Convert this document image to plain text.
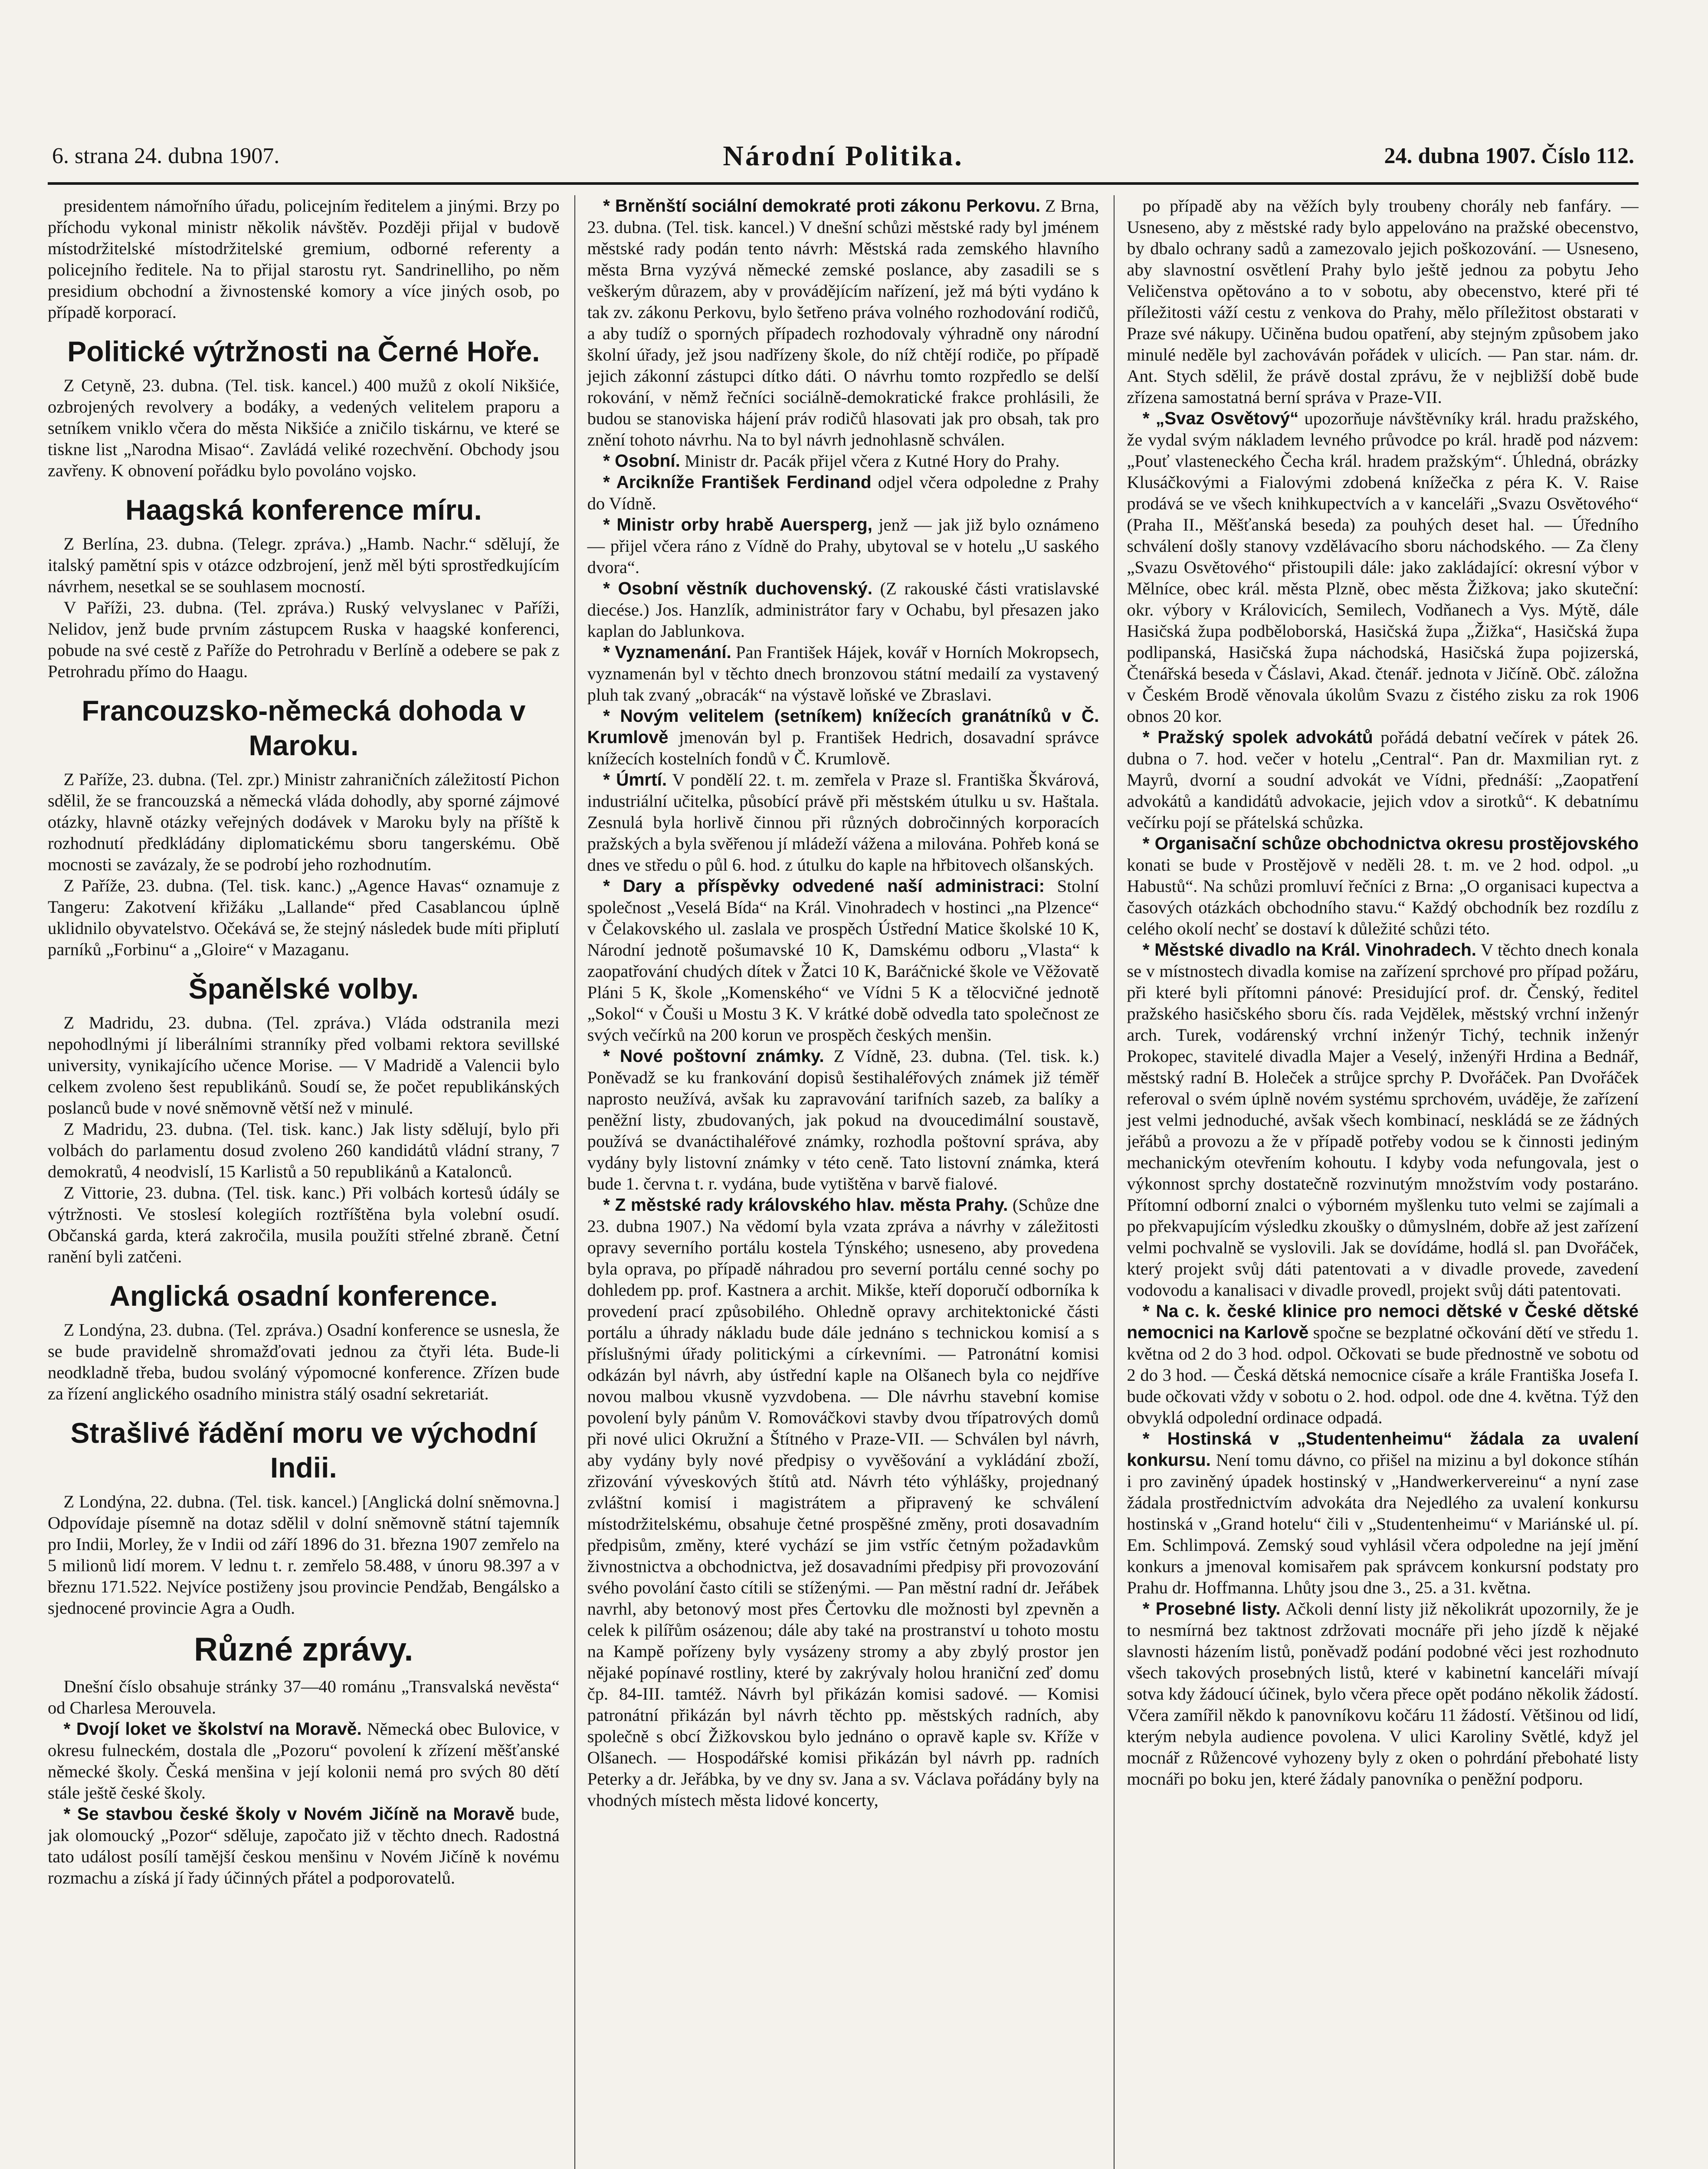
6. strana 24. dubna 1907.	Národní Politika.	24. dubna 1907. Číslo 112.

presidentem námořního úřadu, policejním ředitelem a jinými. Brzy po příchodu vykonal ministr několik návštěv. Později přijal v budově místodržitelské místodržitelské gremium, odborné referenty a policejního ředitele. Na to přijal starostu ryt. Sandrinelliho, po něm presidium obchodní a živnostenské komory a více jiných osob, po případě korporací.

Politické výtržnosti na Černé Hoře.

Z Cetyně, 23. dubna. (Tel. tisk. kancel.) 400 mužů z okolí Nikšiće, ozbrojených revolvery a bodáky, a vedených velitelem praporu a setníkem vniklo včera do města Nikšiće a zničilo tiskárnu, ve které se tiskne list „Narodna Misao“. Zavládá veliké rozechvění. Obchody jsou zavřeny. K obnovení pořádku bylo povoláno vojsko.

Haagská konference míru.

Z Berlína, 23. dubna. (Telegr. zpráva.) „Hamb. Nachr.“ sdělují, že italský pamětní spis v otázce odzbrojení, jenž měl býti sprostředkujícím návrhem, nesetkal se se souhlasem mocností.

V Paříži, 23. dubna. (Tel. zpráva.) Ruský velvyslanec v Paříži, Nelidov, jenž bude prvním zástupcem Ruska v haagské konferenci, pobude na své cestě z Paříže do Petrohradu v Berlíně a odebere se pak z Petrohradu přímo do Haagu.

Francouzsko-německá dohoda v Maroku.

Z Paříže, 23. dubna. (Tel. zpr.) Ministr zahraničních záležitostí Pichon sdělil, že se francouzská a německá vláda dohodly, aby sporné zájmové otázky, hlavně otázky veřejných dodávek v Maroku byly na příště k rozhodnutí předkládány diplomatickému sboru tangerskému. Obě mocnosti se zavázaly, že se podrobí jeho rozhodnutím.

Z Paříže, 23. dubna. (Tel. tisk. kanc.) „Agence Havas“ oznamuje z Tangeru: Zakotvení křižáku „Lallande“ před Casablancou úplně uklidnilo obyvatelstvo. Očekává se, že stejný následek bude míti připlutí parníků „Forbinu“ a „Gloire“ v Mazaganu.

Španělské volby.

Z Madridu, 23. dubna. (Tel. zpráva.) Vláda odstranila mezi nepohodlnými jí liberálními stranníky před volbami rektora sevillské university, vynikajícího učence Morise. — V Madridě a Valencii bylo celkem zvoleno šest republikánů. Soudí se, že počet republikánských poslanců bude v nové sněmovně větší než v minulé.

Z Madridu, 23. dubna. (Tel. tisk. kanc.) Jak listy sdělují, bylo při volbách do parlamentu dosud zvoleno 260 kandidátů vládní strany, 7 demokratů, 4 neodvislí, 15 Karlistů a 50 republikánů a Katalonců.

Z Vittorie, 23. dubna. (Tel. tisk. kanc.) Při volbách kortesů údály se výtržnosti. Ve stoslesí kolegiích roztříštěna byla volební osudí. Občanská garda, která zakročila, musila použíti střelné zbraně. Četní ranění byli zatčeni.

Anglická osadní konference.

Z Londýna, 23. dubna. (Tel. zpráva.) Osadní konference se usnesla, že se bude pravidelně shromažďovati jednou za čtyři léta. Bude-li neodkladně třeba, budou svoláný výpomocné konference. Zřízen bude za řízení anglického osadního ministra stálý osadní sekretariát.

Strašlivé řádění moru ve východní Indii.

Z Londýna, 22. dubna. (Tel. tisk. kancel.) [Anglická dolní sněmovna.] Odpovídaje písemně na dotaz sdělil v dolní sněmovně státní tajemník pro Indii, Morley, že v Indii od září 1896 do 31. března 1907 zemřelo na 5 milionů lidí morem. V lednu t. r. zemřelo 58.488, v únoru 98.397 a v březnu 171.522. Nejvíce postiženy jsou provincie Pendžab, Bengálsko a sjednocené provincie Agra a Oudh.

Různé zprávy.

Dnešní číslo obsahuje stránky 37—40 románu „Transvalská nevěsta“ od Charlesa Merouvela.

* Dvojí loket ve školství na Moravě. Německá obec Bulovice, v okresu fulneckém, dostala dle „Pozoru“ povolení k zřízení měšťanské německé školy. Česká menšina v její kolonii nemá pro svých 80 dětí stále ještě české školy.

* Se stavbou české školy v Novém Jičíně na Moravě bude, jak olomoucký „Pozor“ sděluje, započato již v těchto dnech. Radostná tato událost posílí tamější českou menšinu v Novém Jičíně k novému rozmachu a získá jí řady účinných přátel a podporovatelů.

* Brněnští sociální demokraté proti zákonu Perkovu. Z Brna, 23. dubna. (Tel. tisk. kancel.) V dnešní schůzi městské rady byl jménem městské rady podán tento návrh: Městská rada zemského hlavního města Brna vyzývá německé zemské poslance, aby zasadili se s veškerým důrazem, aby v provádějícím nařízení, jež má býti vydáno k tak zv. zákonu Perkovu, bylo šetřeno práva volného rozhodování rodičů, a aby tudíž o sporných případech rozhodovaly výhradně ony národní školní úřady, jež jsou nadřízeny škole, do níž chtějí rodiče, po případě jejich zákonní zástupci dítko dáti. O návrhu tomto rozpředlo se delší rokování, v němž řečníci sociálně-demokratické frakce prohlásili, že budou se stanoviska hájení práv rodičů hlasovati jak pro obsah, tak pro znění tohoto návrhu. Na to byl návrh jednohlasně schválen.

* Osobní. Ministr dr. Pacák přijel včera z Kutné Hory do Prahy.

* Arcikníže František Ferdinand odjel včera odpoledne z Prahy do Vídně.

* Ministr orby hrabě Auersperg, jenž — jak již bylo oznámeno — přijel včera ráno z Vídně do Prahy, ubytoval se v hotelu „U saského dvora“.

* Osobní věstník duchovenský. (Z rakouské části vratislavské diecése.) Jos. Hanzlík, administrátor fary v Ochabu, byl přesazen jako kaplan do Jablunkova.

* Vyznamenání. Pan František Hájek, kovář v Horních Mokropsech, vyznamenán byl v těchto dnech bronzovou státní medailí za vystavený pluh tak zvaný „obracák“ na výstavě loňské ve Zbraslavi.

* Novým velitelem (setníkem) knížecích granátníků v Č. Krumlově jmenován byl p. František Hedrich, dosavadní správce knížecích kostelních fondů v Č. Krumlově.

* Úmrtí. V pondělí 22. t. m. zemřela v Praze sl. Františka Škvárová, industriální učitelka, působící právě při městském útulku u sv. Haštala. Zesnulá byla horlivě činnou při různých dobročinných korporacích pražských a byla svěřenou jí mládeží vážena a milována. Pohřeb koná se dnes ve středu o půl 6. hod. z útulku do kaple na hřbitovech olšanských.

* Dary a příspěvky odvedené naší administraci: Stolní společnost „Veselá Bída“ na Král. Vinohradech v hostinci „na Plzence“ v Čelakovského ul. zaslala ve prospěch Ústřední Matice školské 10 K, Národní jednotě pošumavské 10 K, Damskému odboru „Vlasta“ k zaopatřování chudých dítek v Žatci 10 K, Baráčnické škole ve Věžovatě Pláni 5 K, škole „Komenského“ ve Vídni 5 K a tělocvičné jednotě „Sokol“ v Čouši u Mostu 3 K. V krátké době odvedla tato společnost ze svých večírků na 200 korun ve prospěch českých menšin.

* Nové poštovní známky. Z Vídně, 23. dubna. (Tel. tisk. k.) Poněvadž se ku frankování dopisů šestihaléřových známek již téměř naprosto neužívá, avšak ku zapravování tarifních sazeb, za balíky a peněžní listy, zbudovaných, jak pokud na dvoucedimální soustavě, používá se dvanáctihaléřové známky, rozhodla poštovní správa, aby vydány byly listovní známky v této ceně. Tato listovní známka, která bude 1. června t. r. vydána, bude vytištěna v barvě fialové.

* Z městské rady královského hlav. města Prahy. (Schůze dne 23. dubna 1907.) Na vědomí byla vzata zpráva a návrhy v záležitosti opravy severního portálu kostela Týnského; usneseno, aby provedena byla oprava, po případě náhradou pro severní portálu cenné sochy po dohledem pp. prof. Kastnera a archit. Mikše, kteří doporučí odborníka k provedení prací způsobilého. Ohledně opravy architektonické části portálu a úhrady nákladu bude dále jednáno s technickou komisí a s příslušnými úřady politickými a církevními. — Patronátní komisi odkázán byl návrh, aby ústřední kaple na Olšanech byla co nejdříve novou malbou vkusně vyzvdobena. — Dle návrhu stavební komise povolení byly pánům V. Romováčkovi stavby dvou třípatrových domů při nové ulici Okružní a Štítného v Praze-VII. — Schválen byl návrh, aby vydány byly nové předpisy o vyvěšování a vykládání zboží, zřizování výveskových štítů atd. Návrh této výhlášky, projednaný zvláštní komisí i magistrátem a připravený ke schválení místodržitelskému, obsahuje četné prospěšné změny, proti dosavadním předpisům, změny, které vychází se jim vstříc četným požadavkům živnostnictva a obchodnictva, jež dosavadními předpisy při provozování svého povolání často cítili se stíženými. — Pan městní radní dr. Jeřábek navrhl, aby betonový most přes Čertovku dle možnosti byl zpevněn a celek k pilířům osázenou; dále aby také na prostranství u tohoto mostu na Kampě pořízeny byly vysázeny stromy a aby zbylý prostor jen nějaké popínavé rostliny, které by zakrývaly holou hraniční zeď domu čp. 84-III. tamtéž. Návrh byl přikázán komisi sadové. — Komisi patronátní přikázán byl návrh těchto pp. městských radních, aby společně s obcí Žižkovskou bylo jednáno o opravě kaple sv. Kříže v Olšanech. — Hospodářské komisi přikázán byl návrh pp. radních Peterky a dr. Jeřábka, by ve dny sv. Jana a sv. Václava pořádány byly na vhodných místech města lidové koncerty,

po případě aby na věžích byly troubeny chorály neb fanfáry. — Usneseno, aby z městské rady bylo appelováno na pražské obecenstvo, by dbalo ochrany sadů a zamezovalo jejich poškozování. — Usneseno, aby slavnostní osvětlení Prahy bylo ještě jednou za pobytu Jeho Veličenstva opětováno a to v sobotu, aby obecenstvo, které při té příležitosti váží cestu z venkova do Prahy, mělo příležitost obstarati v Praze své nákupy. Učiněna budou opatření, aby stejným způsobem jako minulé neděle byl zachováván pořádek v ulicích. — Pan star. nám. dr. Ant. Stych sdělil, že právě dostal zprávu, že v nejbližší době bude zřízena samostatná berní správa v Praze-VII.

* „Svaz Osvětový“ upozorňuje návštěvníky král. hradu pražského, že vydal svým nákladem levného průvodce po král. hradě pod názvem: „Pouť vlasteneckého Čecha král. hradem pražským“. Úhledná, obrázky Klusáčkovými a Fialovými zdobená knížečka z péra K. V. Raise prodává se ve všech knihkupectvích a v kanceláři „Svazu Osvětového“ (Praha II., Měšťanská beseda) za pouhých deset hal. — Úředního schválení došly stanovy vzdělávacího sboru náchodského. — Za členy „Svazu Osvětového“ přistoupili dále: jako zakládající: okresní výbor v Mělníce, obec král. města Plzně, obec města Žižkova; jako skuteční: okr. výbory v Královicích, Semilech, Vodňanech a Vys. Mýtě, dále Hasičská župa podběloborská, Hasičská župa „Žižka“, Hasičská župa podlipanská, Hasičská župa náchodská, Hasičská župa pojizerská, Čtenářská beseda v Čáslavi, Akad. čtenář. jednota v Jičíně. Obč. záložna v Českém Brodě věnovala úkolům Svazu z čistého zisku za rok 1906 obnos 20 kor.

* Pražský spolek advokátů pořádá debatní večírek v pátek 26. dubna o 7. hod. večer v hotelu „Central“. Pan dr. Maxmilian ryt. z Mayrů, dvorní a soudní advokát ve Vídni, přednáší: „Zaopatření advokátů a kandidátů advokacie, jejich vdov a sirotků“. K debatnímu večírku pojí se přátelská schůzka.

* Organisační schůze obchodnictva okresu prostějovského konati se bude v Prostějově v neděli 28. t. m. ve 2 hod. odpol. „u Habustů“. Na schůzi promluví řečníci z Brna: „O organisaci kupectva a časových otázkách obchodního stavu.“ Každý obchodník bez rozdílu z celého okolí nechť se dostaví k důležité schůzi této.

* Městské divadlo na Král. Vinohradech. V těchto dnech konala se v místnostech divadla komise na zařízení sprchové pro případ požáru, při které byli přítomni pánové: Presidující prof. dr. Čenský, ředitel pražského hasičského sboru čís. rada Vejdělek, městský vrchní inženýr arch. Turek, vodárenský vrchní inženýr Tichý, technik inženýr Prokopec, stavitelé divadla Majer a Veselý, inženýři Hrdina a Bednář, městský radní B. Holeček a strůjce sprchy P. Dvořáček. Pan Dvořáček referoval o svém úplně novém systému sprchovém, uváděje, že zařízení jest velmi jednoduché, avšak všech kombinací, neskládá se ze žádných jeřábů a provozu a že v případě potřeby vodou se k činnosti jediným mechanickým otevřením kohoutu. I kdyby voda nefungovala, jest o výkonnost sprchy dostatečně rozvinutým množstvím vody postaráno. Přítomní odborní znalci o výborném myšlenku tuto velmi se zajímali a po překvapujícím výsledku zkoušky o důmyslném, dobře až jest zařízení velmi pochvalně se vyslovili. Jak se dovídáme, hodlá sl. pan Dvořáček, který projekt svůj dáti patentovati a v divadle provede, zavedení vodovodu a kanalisaci v divadle provedl, projekt svůj dáti patentovati.

* Na c. k. české klinice pro nemoci dětské v České dětské nemocnici na Karlově spočne se bezplatné očkování dětí ve středu 1. května od 2 do 3 hod. odpol. Očkovati se bude přednostně ve sobotu od 2 do 3 hod. — Česká dětská nemocnice císaře a krále Františka Josefa I. bude očkovati vždy v sobotu o 2. hod. odpol. ode dne 4. května. Týž den obvyklá odpolední ordinace odpadá.

* Hostinská v „Studentenheimu“ žádala za uvalení konkursu. Není tomu dávno, co přišel na mizinu a byl dokonce stíhán i pro zaviněný úpadek hostinský v „Handwerkervereinu“ a nyní zase žádala prostřednictvím advokáta dra Nejedlého za uvalení konkursu hostinská v „Grand hotelu“ čili v „Studentenheimu“ v Mariánské ul. pí. Em. Schlimpová. Zemský soud vyhlásil včera odpoledne na její jmění konkurs a jmenoval komisařem pak správcem konkursní podstaty pro Prahu dr. Hoffmanna. Lhůty jsou dne 3., 25. a 31. května.

* Prosebné listy. Ačkoli denní listy již několikrát upozornily, že je to nesmírná bez taktnost zdržovati mocnáře při jeho jízdě k nějaké slavnosti házením listů, poněvadž podání podobné věci jest rozhodnuto všech takových prosebných listů, které v kabinetní kanceláři mívají sotva kdy žádoucí účinek, bylo včera přece opět podáno několik žádostí. Včera zamířil někdo k panovníkovu kočáru 11 žádostí. Většinou od lidí, kterým nebyla audience povolena. V ulici Karoliny Světlé, když jel mocnář z Růžencové vyhozeny byly z oken o pohrdání přebohaté listy mocnáři po boku jen, které žádaly panovníka o peněžní podporu.
